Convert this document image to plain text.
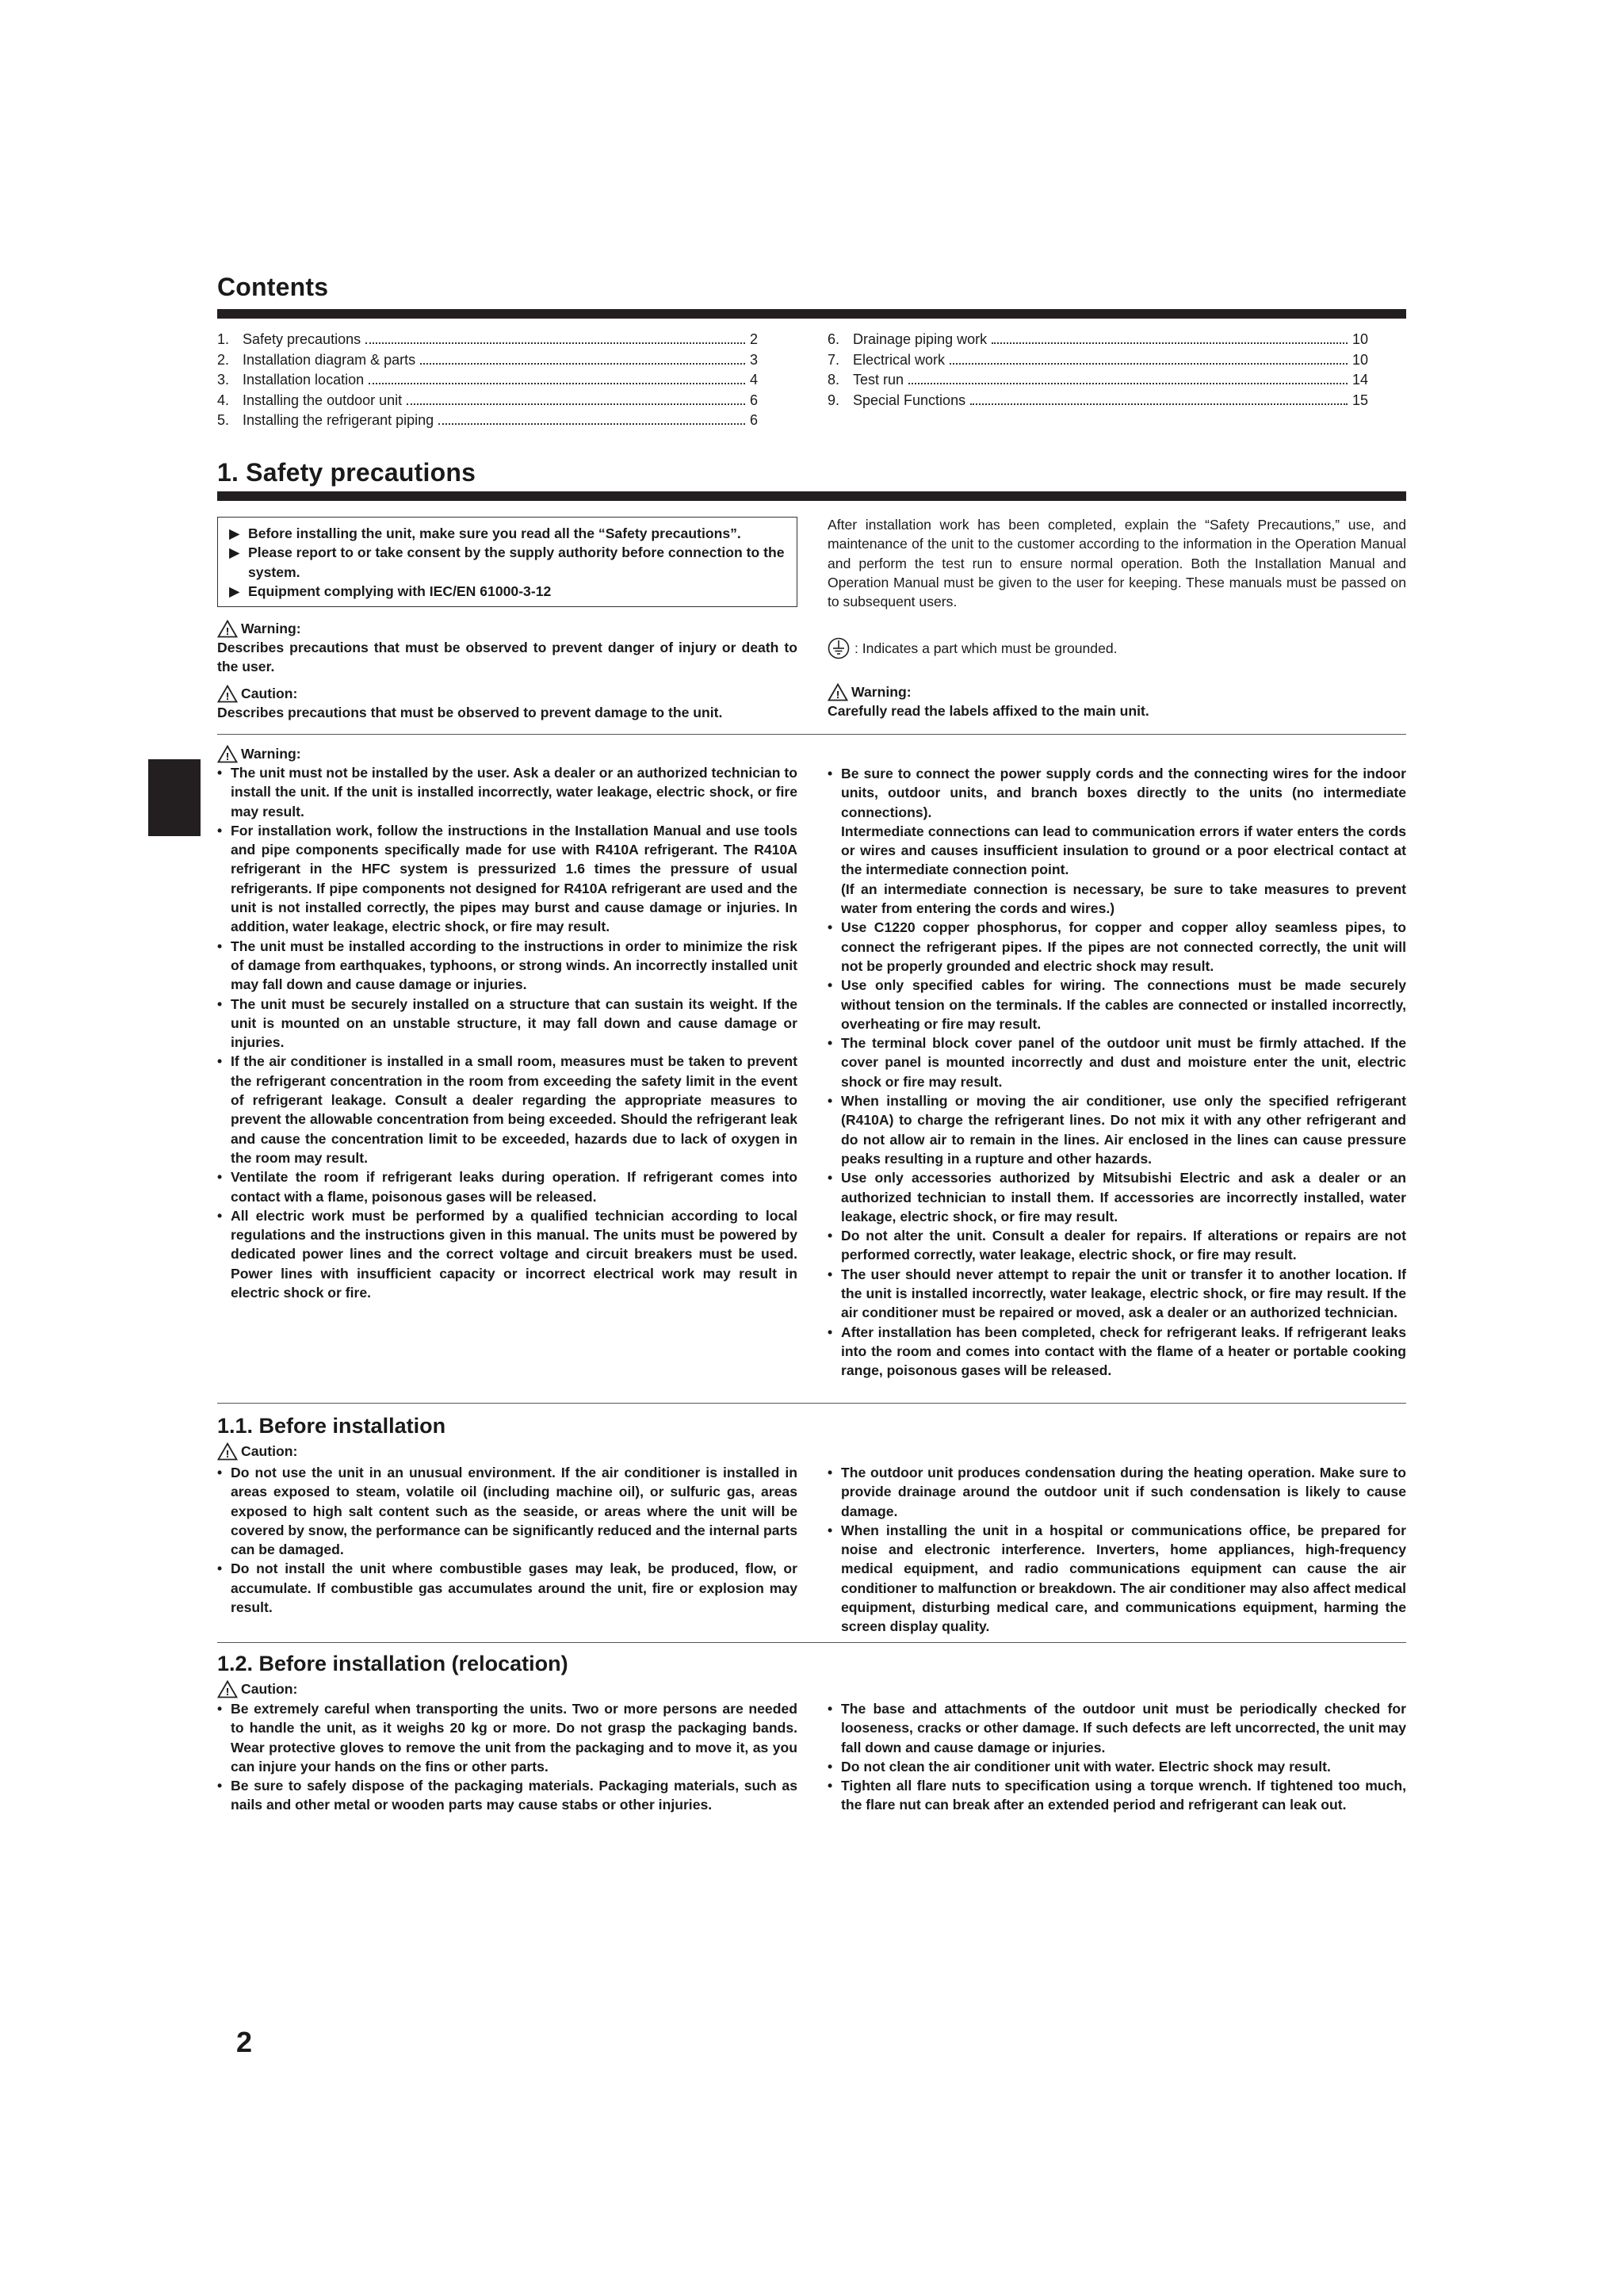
Contents
1. Safety precautions	2
2. Installation diagram & parts	3
3. Installation location	4
4. Installing the outdoor unit	6
5. Installing the refrigerant piping	6
6. Drainage piping work	10
7. Electrical work	10
8. Test run	14
9. Special Functions	15
1. Safety precautions
▶ Before installing the unit, make sure you read all the “Safety precautions”.
▶ Please report to or take consent by the supply authority before connection to the system.
▶ Equipment complying with IEC/EN 61000-3-12
After installation work has been completed, explain the “Safety Precautions,” use, and maintenance of the unit to the customer according to the information in the Operation Manual and perform the test run to ensure normal operation. Both the Installation Manual and Operation Manual must be given to the user for keeping. These manuals must be passed on to subsequent users.
! Warning:
Describes precautions that must be observed to prevent danger of injury or death to the user.
! Caution:
Describes precautions that must be observed to prevent damage to the unit.
: Indicates a part which must be grounded.
! Warning:
Carefully read the labels affixed to the main unit.
! Warning:
• The unit must not be installed by the user. Ask a dealer or an authorized technician to install the unit. If the unit is installed incorrectly, water leakage, electric shock, or fire may result.
• For installation work, follow the instructions in the Installation Manual and use tools and pipe components specifically made for use with R410A refrigerant. The R410A refrigerant in the HFC system is pressurized 1.6 times the pressure of usual refrigerants. If pipe components not designed for R410A refrigerant are used and the unit is not installed correctly, the pipes may burst and cause damage or injuries. In addition, water leakage, electric shock, or fire may result.
• The unit must be installed according to the instructions in order to minimize the risk of damage from earthquakes, typhoons, or strong winds. An incorrectly installed unit may fall down and cause damage or injuries.
• The unit must be securely installed on a structure that can sustain its weight. If the unit is mounted on an unstable structure, it may fall down and cause damage or injuries.
• If the air conditioner is installed in a small room, measures must be taken to prevent the refrigerant concentration in the room from exceeding the safety limit in the event of refrigerant leakage. Consult a dealer regarding the appropriate measures to prevent the allowable concentration from being exceeded. Should the refrigerant leak and cause the concentration limit to be exceeded, hazards due to lack of oxygen in the room may result.
• Ventilate the room if refrigerant leaks during operation. If refrigerant comes into contact with a flame, poisonous gases will be released.
• All electric work must be performed by a qualified technician according to local regulations and the instructions given in this manual. The units must be powered by dedicated power lines and the correct voltage and circuit breakers must be used. Power lines with insufficient capacity or incorrect electrical work may result in electric shock or fire.
• Be sure to connect the power supply cords and the connecting wires for the indoor units, outdoor units, and branch boxes directly to the units (no intermediate connections).
Intermediate connections can lead to communication errors if water enters the cords or wires and causes insufficient insulation to ground or a poor electrical contact at the intermediate connection point.
(If an intermediate connection is necessary, be sure to take measures to prevent water from entering the cords and wires.)
• Use C1220 copper phosphorus, for copper and copper alloy seamless pipes, to connect the refrigerant pipes. If the pipes are not connected correctly, the unit will not be properly grounded and electric shock may result.
• Use only specified cables for wiring. The connections must be made securely without tension on the terminals. If the cables are connected or installed incorrectly, overheating or fire may result.
• The terminal block cover panel of the outdoor unit must be firmly attached. If the cover panel is mounted incorrectly and dust and moisture enter the unit, electric shock or fire may result.
• When installing or moving the air conditioner, use only the specified refrigerant (R410A) to charge the refrigerant lines. Do not mix it with any other refrigerant and do not allow air to remain in the lines. Air enclosed in the lines can cause pressure peaks resulting in a rupture and other hazards.
• Use only accessories authorized by Mitsubishi Electric and ask a dealer or an authorized technician to install them. If accessories are incorrectly installed, water leakage, electric shock, or fire may result.
• Do not alter the unit. Consult a dealer for repairs. If alterations or repairs are not performed correctly, water leakage, electric shock, or fire may result.
• The user should never attempt to repair the unit or transfer it to another location. If the unit is installed incorrectly, water leakage, electric shock, or fire may result. If the air conditioner must be repaired or moved, ask a dealer or an authorized technician.
• After installation has been completed, check for refrigerant leaks. If refrigerant leaks into the room and comes into contact with the flame of a heater or portable cooking range, poisonous gases will be released.
1.1. Before installation
! Caution:
• Do not use the unit in an unusual environment. If the air conditioner is installed in areas exposed to steam, volatile oil (including machine oil), or sulfuric gas, areas exposed to high salt content such as the seaside, or areas where the unit will be covered by snow, the performance can be significantly reduced and the internal parts can be damaged.
• Do not install the unit where combustible gases may leak, be produced, flow, or accumulate. If combustible gas accumulates around the unit, fire or explosion may result.
• The outdoor unit produces condensation during the heating operation. Make sure to provide drainage around the outdoor unit if such condensation is likely to cause damage.
• When installing the unit in a hospital or communications office, be prepared for noise and electronic interference. Inverters, home appliances, high-frequency medical equipment, and radio communications equipment can cause the air conditioner to malfunction or breakdown. The air conditioner may also affect medical equipment, disturbing medical care, and communications equipment, harming the screen display quality.
1.2. Before installation (relocation)
! Caution:
• Be extremely careful when transporting the units. Two or more persons are needed to handle the unit, as it weighs 20 kg or more. Do not grasp the packaging bands. Wear protective gloves to remove the unit from the packaging and to move it, as you can injure your hands on the fins or other parts.
• Be sure to safely dispose of the packaging materials. Packaging materials, such as nails and other metal or wooden parts may cause stabs or other injuries.
• The base and attachments of the outdoor unit must be periodically checked for looseness, cracks or other damage. If such defects are left uncorrected, the unit may fall down and cause damage or injuries.
• Do not clean the air conditioner unit with water. Electric shock may result.
• Tighten all flare nuts to specification using a torque wrench. If tightened too much, the flare nut can break after an extended period and refrigerant can leak out.
2
